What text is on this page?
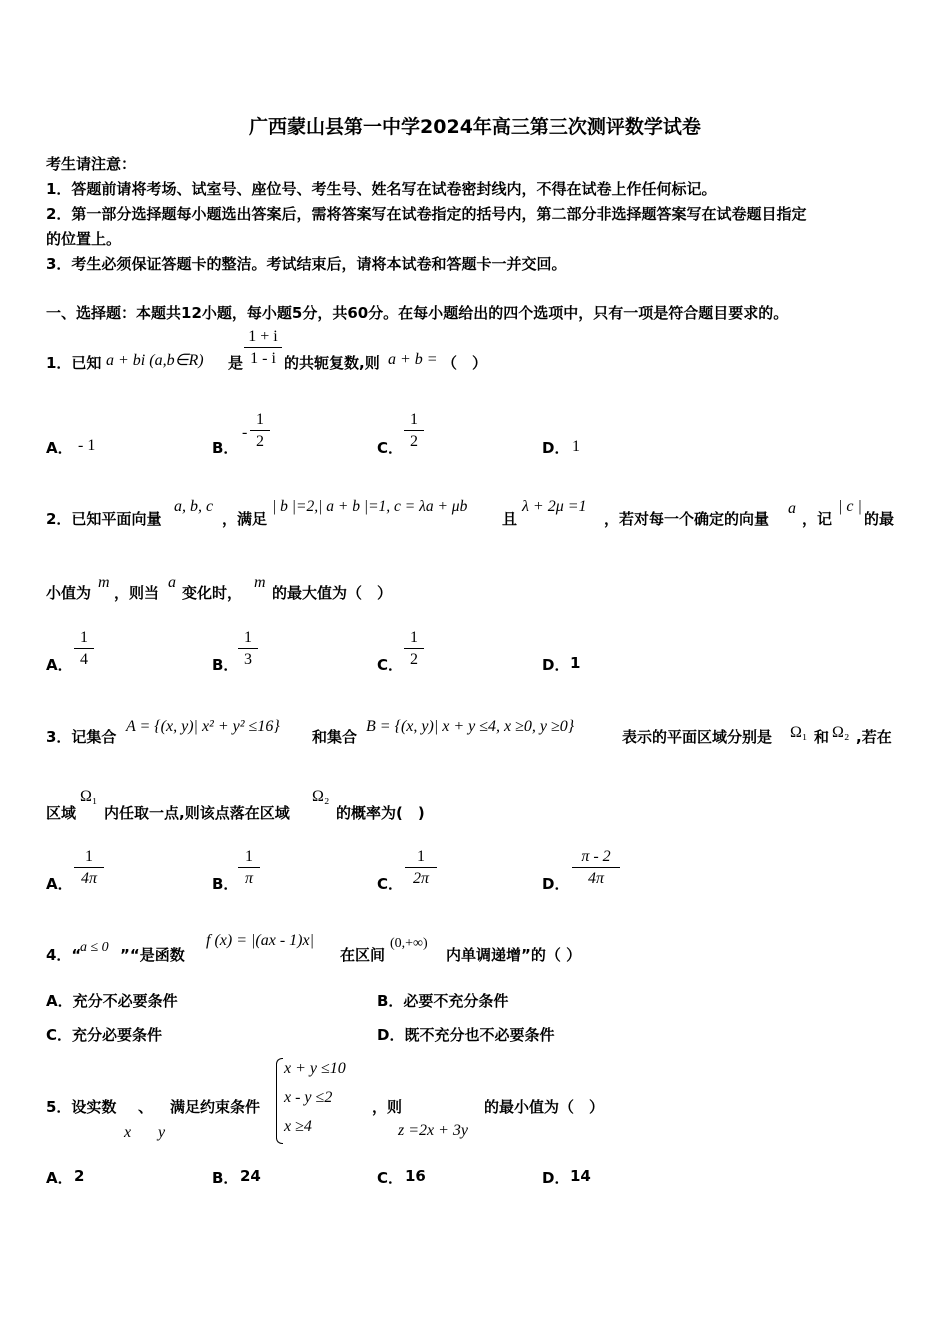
广西蒙山县第一中学2024年高三第三次测评数学试卷
考生请注意：
1．答题前请将考场、试室号、座位号、考生号、姓名写在试卷密封线内，不得在试卷上作任何标记。
2．第一部分选择题每小题选出答案后，需将答案写在试卷指定的括号内，第二部分非选择题答案写在试卷题目指定
的位置上。
3．考生必须保证答题卡的整洁。考试结束后，请将本试卷和答题卡一并交回。
一、选择题：本题共12小题，每小题5分，共60分。在每小题给出的四个选项中，只有一项是符合题目要求的。
1．已知 a + bi (a,b∈R) 是 $\frac{1 + i}{1 - i}$ 的共轭复数,则 a + b = （　）
A． - 1	B．
- $\frac{1}{2}$	C． $\frac{1}{2}$	D． 1
2．已知平面向量
a, b, c
，满足
| b |=2,| a + b |=1, c = λa + μb
且
λ + 2μ =1
，若对每一个确定的向量
a
，记
| c |
的最
小值为
m
，则当
a
变化时，
m
的最大值为（　）
A． $\frac{1}{4}$	B． $\frac{1}{3}$	C． $\frac{1}{2}$	D． 1
3．记集合
A = {(x, y)| x² + y² ≤16}
和集合
B = {(x, y)| x + y ≤4, x ≥0, y ≥0}
表示的平面区域分别是 Ω₁ 和 Ω₂ ,若在
区域
Ω₁
内任取一点,则该点落在区域
Ω₂
的概率为(　)
A． $\frac{1}{4\pi}$	B． $\frac{1}{\pi}$	C． $\frac{1}{2\pi}$	D． $\frac{\pi - 2}{4\pi}$
4．“
a ≤ 0 ”“是函数
f (x) = |(ax - 1)x|
在区间
(0,+∞)
内单调递增”的（ ）
A．充分不必要条件	B．必要不充分条件
C．充分必要条件	D．既不充分也不必要条件
5．设实数 、 满足约束条件
x y
x + y ≤10
x - y ≤2
x ≥4
，则
z =2x + 3y
的最小值为（　）
A． 2	B． 24	C． 16	D． 14
